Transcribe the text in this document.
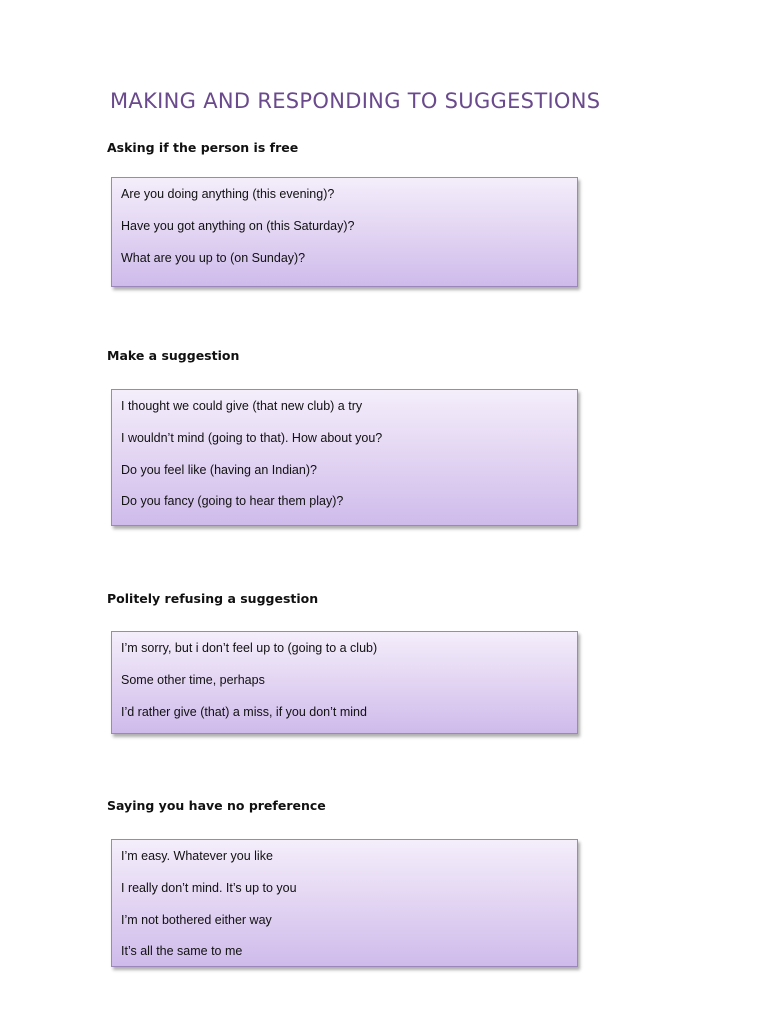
MAKING AND RESPONDING TO SUGGESTIONS
Asking if the person is free
Are you doing anything (this evening)?
Have you got anything on (this Saturday)?
What are you up to (on Sunday)?
Make a suggestion
I thought we could give (that new club) a try
I wouldn’t mind (going to that). How about you?
Do you feel like (having an Indian)?
Do you fancy (going to hear them play)?
Politely refusing a suggestion
I’m sorry, but i don’t feel up to (going to a club)
Some other time, perhaps
I’d rather give (that) a miss, if you don’t mind
Saying you have no preference
I’m easy. Whatever you like
I really don’t mind. It’s up to you
I’m not bothered either way
It’s all the same to me
